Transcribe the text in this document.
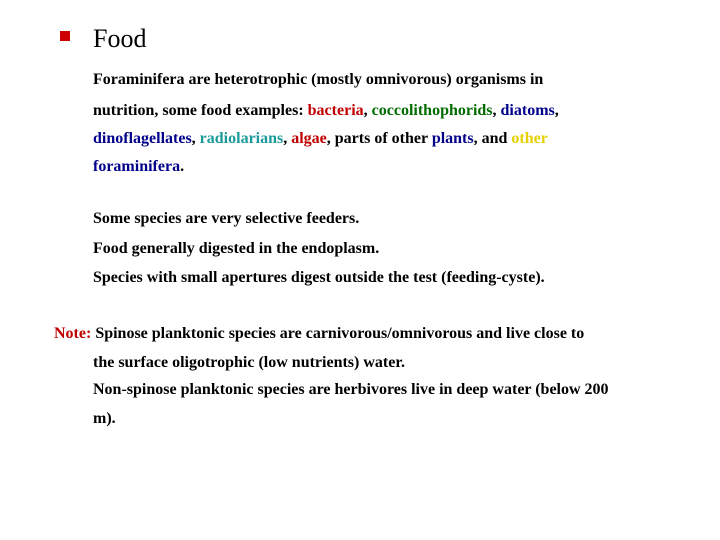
Food
Foraminifera are heterotrophic (mostly omnivorous) organisms in
nutrition, some food examples: bacteria, coccolithophorids, diatoms,
dinoflagellates, radiolarians, algae, parts of other plants, and other
foraminifera.
Some species are very selective feeders.
Food generally digested in the endoplasm.
Species with small apertures digest outside the test (feeding-cyste).
Note: Spinose planktonic species are carnivorous/omnivorous and live close to
the surface oligotrophic (low nutrients) water.
Non-spinose planktonic species are herbivores live in deep water (below 200
m).
